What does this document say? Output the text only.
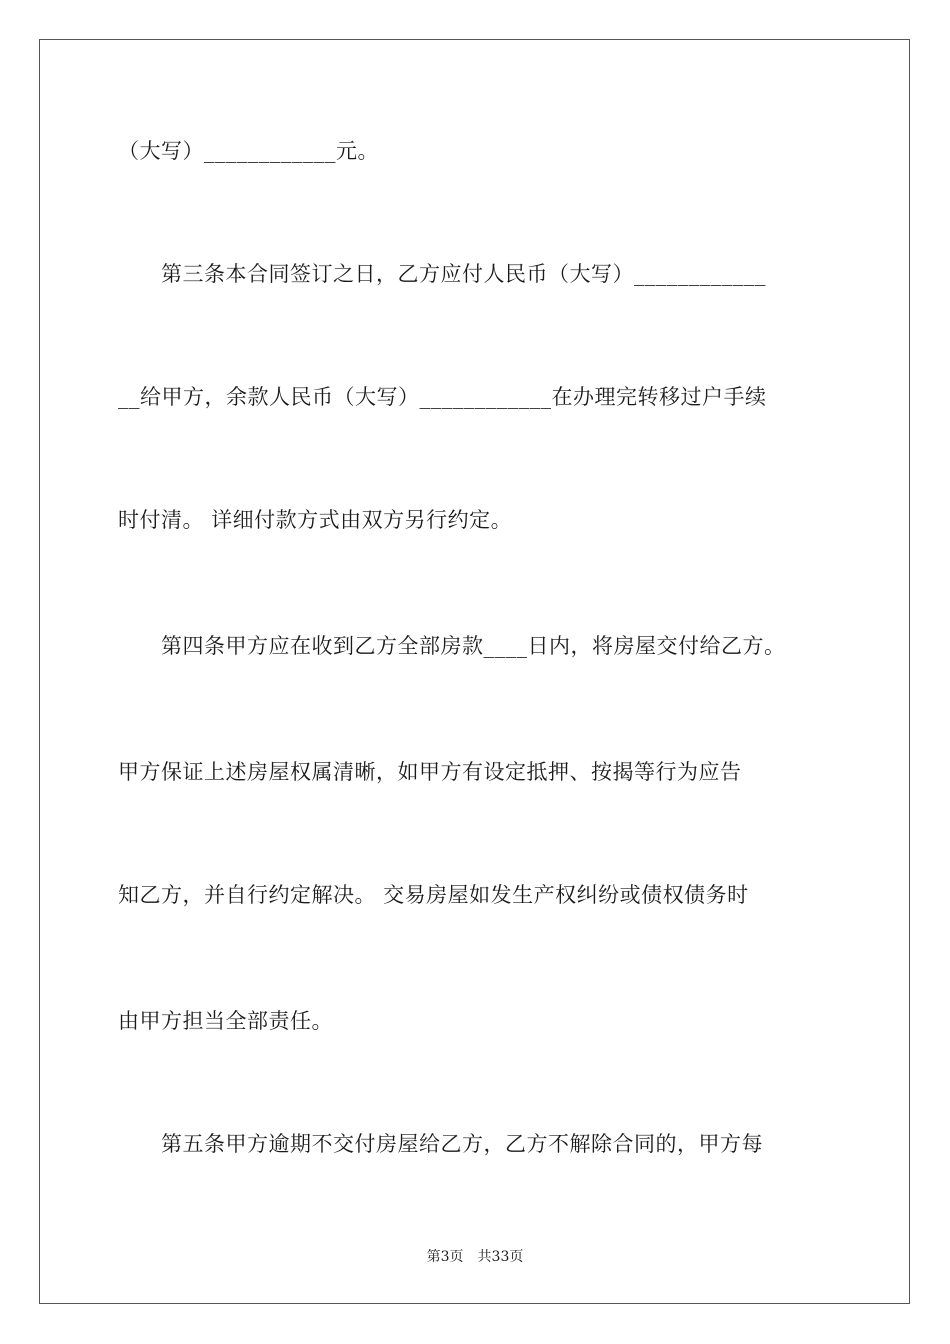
（大写）____________元。
　　第三条本合同签订之日，乙方应付人民币（大写）____________
__给甲方，余款人民币（大写）____________在办理完转移过户手续
时付清。 详细付款方式由双方另行约定。
　　第四条甲方应在收到乙方全部房款____日内，将房屋交付给乙方。
甲方保证上述房屋权属清晰，如甲方有设定抵押、按揭等行为应告
知乙方，并自行约定解决。 交易房屋如发生产权纠纷或债权债务时
由甲方担当全部责任。
　　第五条甲方逾期不交付房屋给乙方，乙方不解除合同的，甲方每
第3页 共33页
